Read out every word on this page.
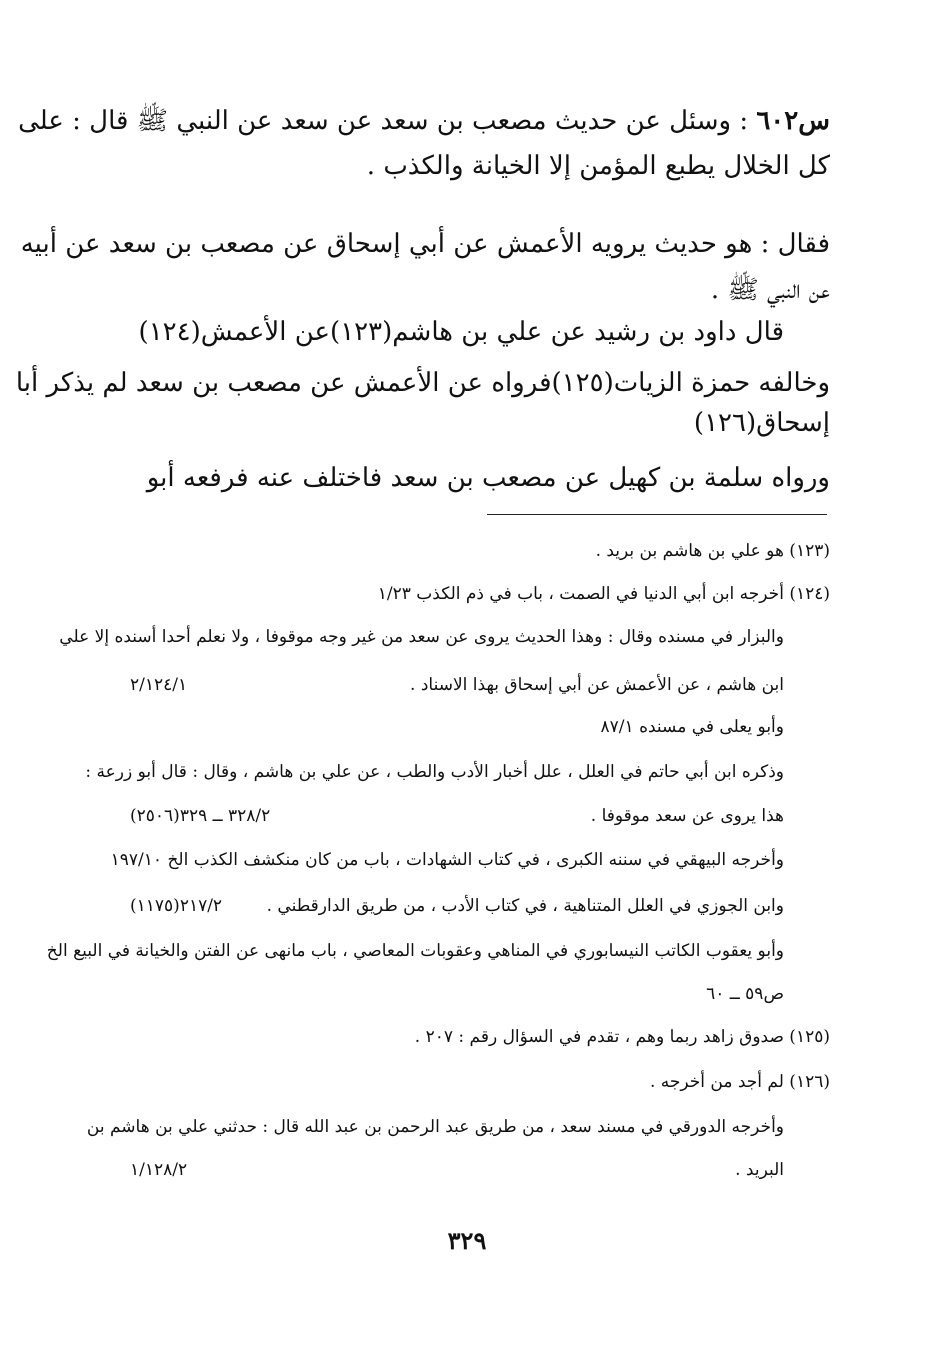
س٦٠٢ : وسئل عن حديث مصعب بن سعد عن سعد عن النبي ﷺ قال : على
كل الخلال يطبع المؤمن إلا الخيانة والكذب .
فقال : هو حديث يرويه الأعمش عن أبي إسحاق عن مصعب بن سعد عن أبيه
عن النبي ﷺ .
قال داود بن رشيد عن علي بن هاشم(١٢٣)عن الأعمش(١٢٤)
وخالفه حمزة الزيات(١٢٥)فرواه عن الأعمش عن مصعب بن سعد لم يذكر أبا
إسحاق(١٢٦)
ورواه سلمة بن كهيل عن مصعب بن سعد فاختلف عنه فرفعه أبو
(١٢٣) هو علي بن هاشم بن بريد .
(١٢٤) أخرجه ابن أبي الدنيا في الصمت ، باب في ذم الكذب ١/٢٣
والبزار في مسنده وقال : وهذا الحديث يروى عن سعد من غير وجه موقوفا ، ولا نعلم أحدا أسنده إلا علي
ابن هاشم ، عن الأعمش عن أبي إسحاق بهذا الاسناد .
٢/١٢٤/١
وأبو يعلى في مسنده ٨٧/١
وذكره ابن أبي حاتم في العلل ، علل أخبار الأدب والطب ، عن علي بن هاشم ، وقال : قال أبو زرعة :
هذا يروى عن سعد موقوفا .
٣٢٨/٢ ــ ٣٢٩(٢٥٠٦)
وأخرجه البيهقي في سننه الكبرى ، في كتاب الشهادات ، باب من كان منكشف الكذب الخ ١٩٧/١٠
وابن الجوزي في العلل المتناهية ، في كتاب الأدب ، من طريق الدارقطني .
٢١٧/٢(١١٧٥)
وأبو يعقوب الكاتب النيسابوري في المناهي وعقوبات المعاصي ، باب مانهى عن الفتن والخيانة في البيع الخ
ص٥٩ ــ ٦٠
(١٢٥) صدوق زاهد ربما وهم ، تقدم في السؤال رقم : ٢٠٧ .
(١٢٦) لم أجد من أخرجه .
وأخرجه الدورقي في مسند سعد ، من طريق عبد الرحمن بن عبد الله قال : حدثني علي بن هاشم بن
البريد .
١/١٢٨/٢
٣٢٩
